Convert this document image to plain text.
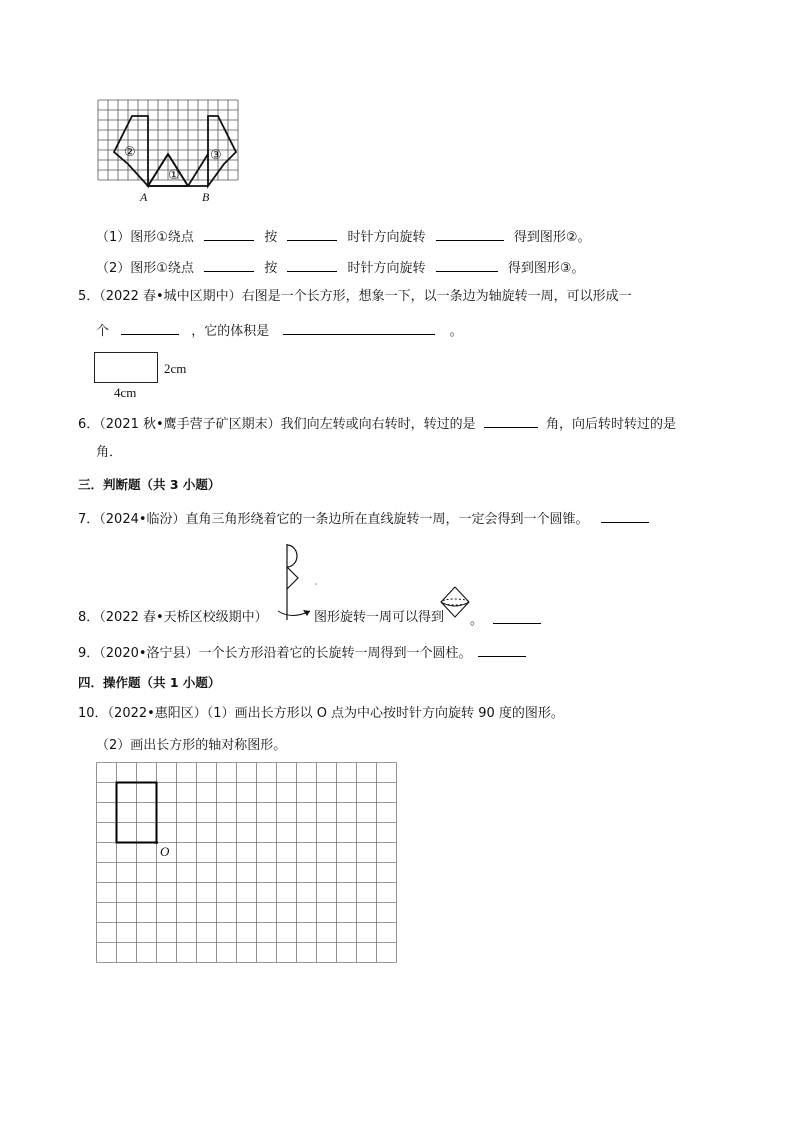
②
①
③
A	B
（1）图形①绕点	按	时针方向旋转	得到图形②。
（2）图形①绕点	按	时针方向旋转	得到图形③。
5．（2022 春•城中区期中）右图是一个长方形，想象一下，以一条边为轴旋转一周，可以形成一
个	，它的体积是	。
2cm
4cm
6．（2021 秋•鹰手营子矿区期末）我们向左转或向右转时，转过的是	角，向后转时转过的是
角．
三．判断题（共 3 小题）
7．（2024•临汾）直角三角形绕着它的一条边所在直线旋转一周，一定会得到一个圆锥。
8．（2022 春•天桥区校级期中）	图形旋转一周可以得到 。
9．（2020•洛宁县）一个长方形沿着它的长旋转一周得到一个圆柱。
四．操作题（共 1 小题）
10．（2022•惠阳区）（1）画出长方形以 O 点为中心按时针方向旋转 90 度的图形。
（2）画出长方形的轴对称图形。
O
